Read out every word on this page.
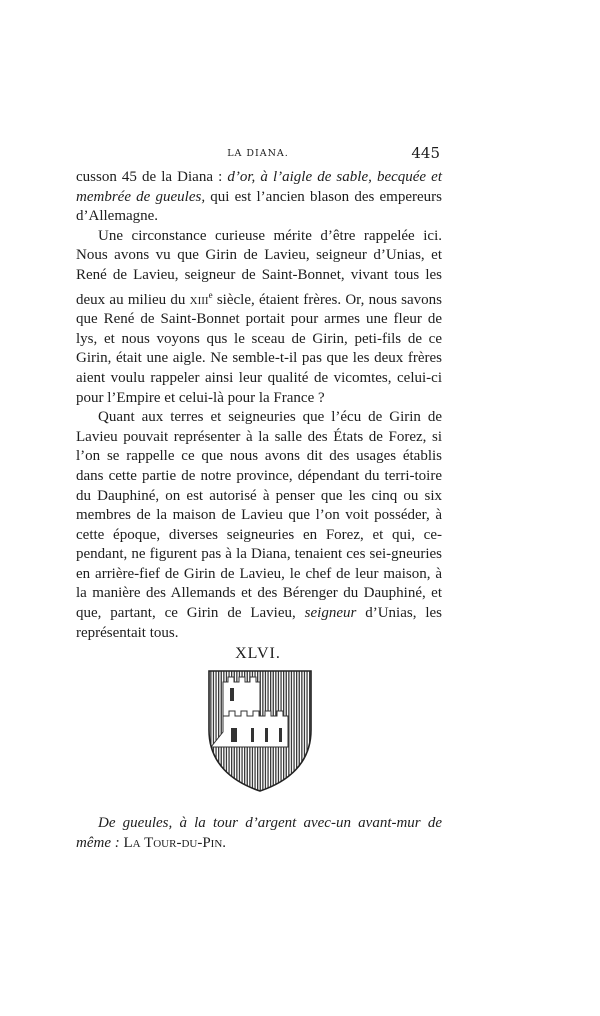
LA DIANA.	445

cusson 45 de la Diana : d’or, à l’aigle de sable, becquée et membrée de gueules, qui est l’ancien blason des empereurs d’Allemagne.

Une circonstance curieuse mérite d’être rappelée ici. Nous avons vu que Girin de Lavieu, seigneur d’Unias, et René de Lavieu, seigneur de Saint-Bonnet, vivant tous les deux au milieu du xiii$^e$ siècle, étaient frères. Or, nous savons que René de Saint-Bonnet portait pour armes une fleur de lys, et nous voyons qus le sceau de Girin, peti-fils de ce Girin, était une aigle. Ne semble-t-il pas que les deux frères aient voulu rappeler ainsi leur qualité de vicomtes, celui-ci pour l’Empire et celui-là pour la France ?

Quant aux terres et seigneuries que l’écu de Girin de Lavieu pouvait représenter à la salle des États de Forez, si l’on se rappelle ce que nous avons dit des usages établis dans cette partie de notre province, dépendant du terri-toire du Dauphiné, on est autorisé à penser que les cinq ou six membres de la maison de Lavieu que l’on voit posséder, à cette époque, diverses seigneuries en Forez, et qui, ce-pendant, ne figurent pas à la Diana, tenaient ces sei-gneuries en arrière-fief de Girin de Lavieu, le chef de leur maison, à la manière des Allemands et des Bérenger du Dauphiné, et que, partant, ce Girin de Lavieu, seigneur d’Unias, les représentait tous.

XLVI.

De gueules, à la tour d’argent avec-un avant-mur de même : La Tour-du-Pin.
